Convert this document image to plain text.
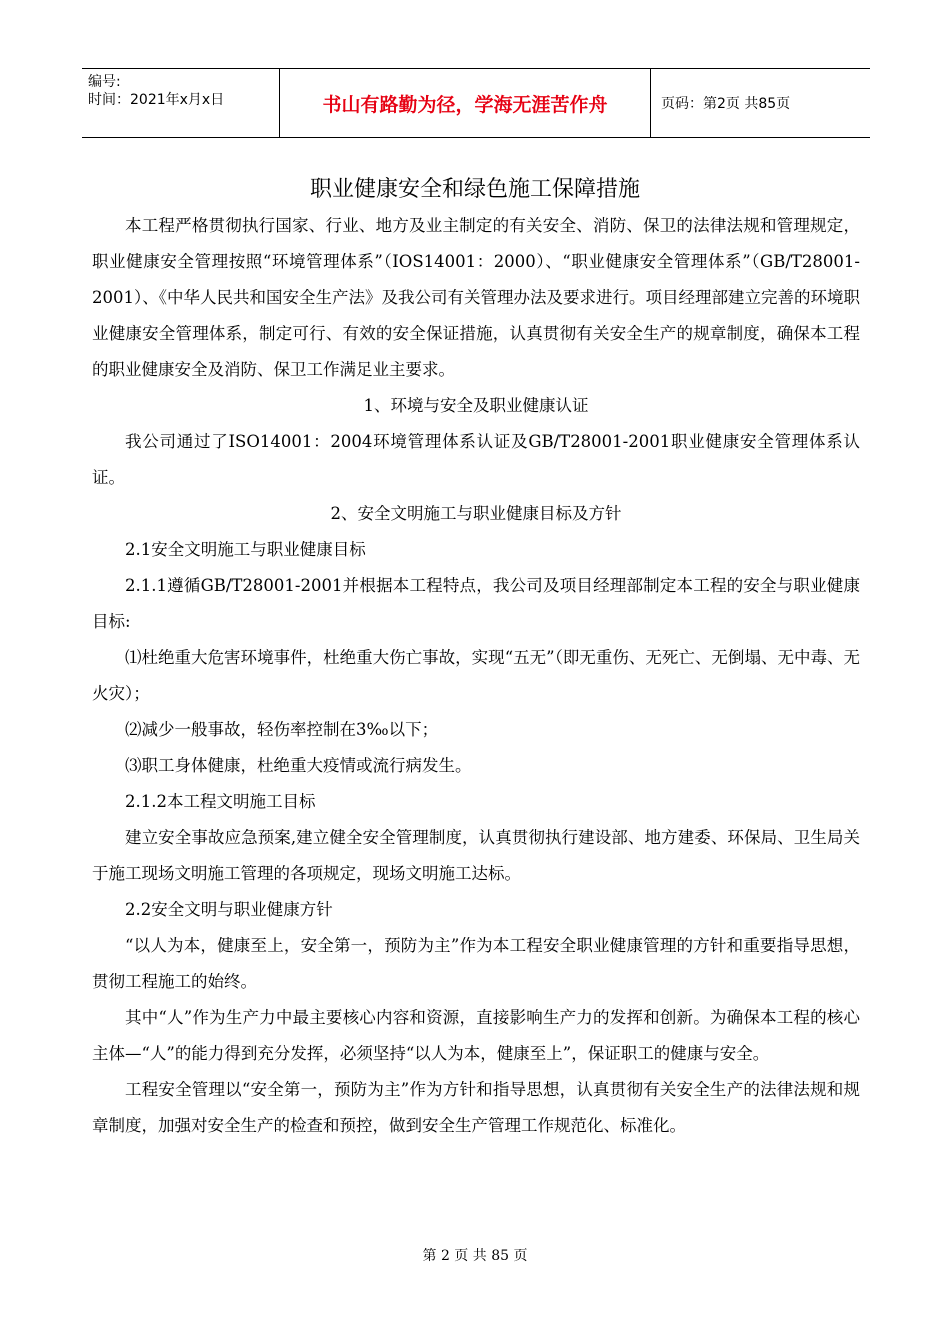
编号:
时间：2021年x月x日	书山有路勤为径，学海无涯苦作舟	页码：第2页 共85页
职业健康安全和绿色施工保障措施

本工程严格贯彻执行国家、行业、地方及业主制定的有关安全、消防、保卫的法律法规和管理规定，职业健康安全管理按照“环境管理体系”（IOS14001：2000）、“职业健康安全管理体系”（GB/T28001-2001）、《中华人民共和国安全生产法》及我公司有关管理办法及要求进行。项目经理部建立完善的环境职业健康安全管理体系，制定可行、有效的安全保证措施，认真贯彻有关安全生产的规章制度，确保本工程的职业健康安全及消防、保卫工作满足业主要求。

1、环境与安全及职业健康认证

我公司通过了ISO14001：2004环境管理体系认证及GB/T28001-2001职业健康安全管理体系认证。

2、安全文明施工与职业健康目标及方针

2.1安全文明施工与职业健康目标

2.1.1遵循GB/T28001-2001并根据本工程特点，我公司及项目经理部制定本工程的安全与职业健康目标:

⑴杜绝重大危害环境事件，杜绝重大伤亡事故，实现“五无”（即无重伤、无死亡、无倒塌、无中毒、无火灾）；

⑵减少一般事故，轻伤率控制在3‰以下；

⑶职工身体健康，杜绝重大疫情或流行病发生。

2.1.2本工程文明施工目标

建立安全事故应急预案,建立健全安全管理制度，认真贯彻执行建设部、地方建委、环保局、卫生局关于施工现场文明施工管理的各项规定，现场文明施工达标。

2.2安全文明与职业健康方针

“以人为本，健康至上，安全第一，预防为主”作为本工程安全职业健康管理的方针和重要指导思想，贯彻工程施工的始终。

其中“人”作为生产力中最主要核心内容和资源，直接影响生产力的发挥和创新。为确保本工程的核心主体—“人”的能力得到充分发挥，必须坚持“以人为本，健康至上”，保证职工的健康与安全。

工程安全管理以“安全第一，预防为主”作为方针和指导思想，认真贯彻有关安全生产的法律法规和规章制度，加强对安全生产的检查和预控，做到安全生产管理工作规范化、标准化。

第 2 页 共 85 页
